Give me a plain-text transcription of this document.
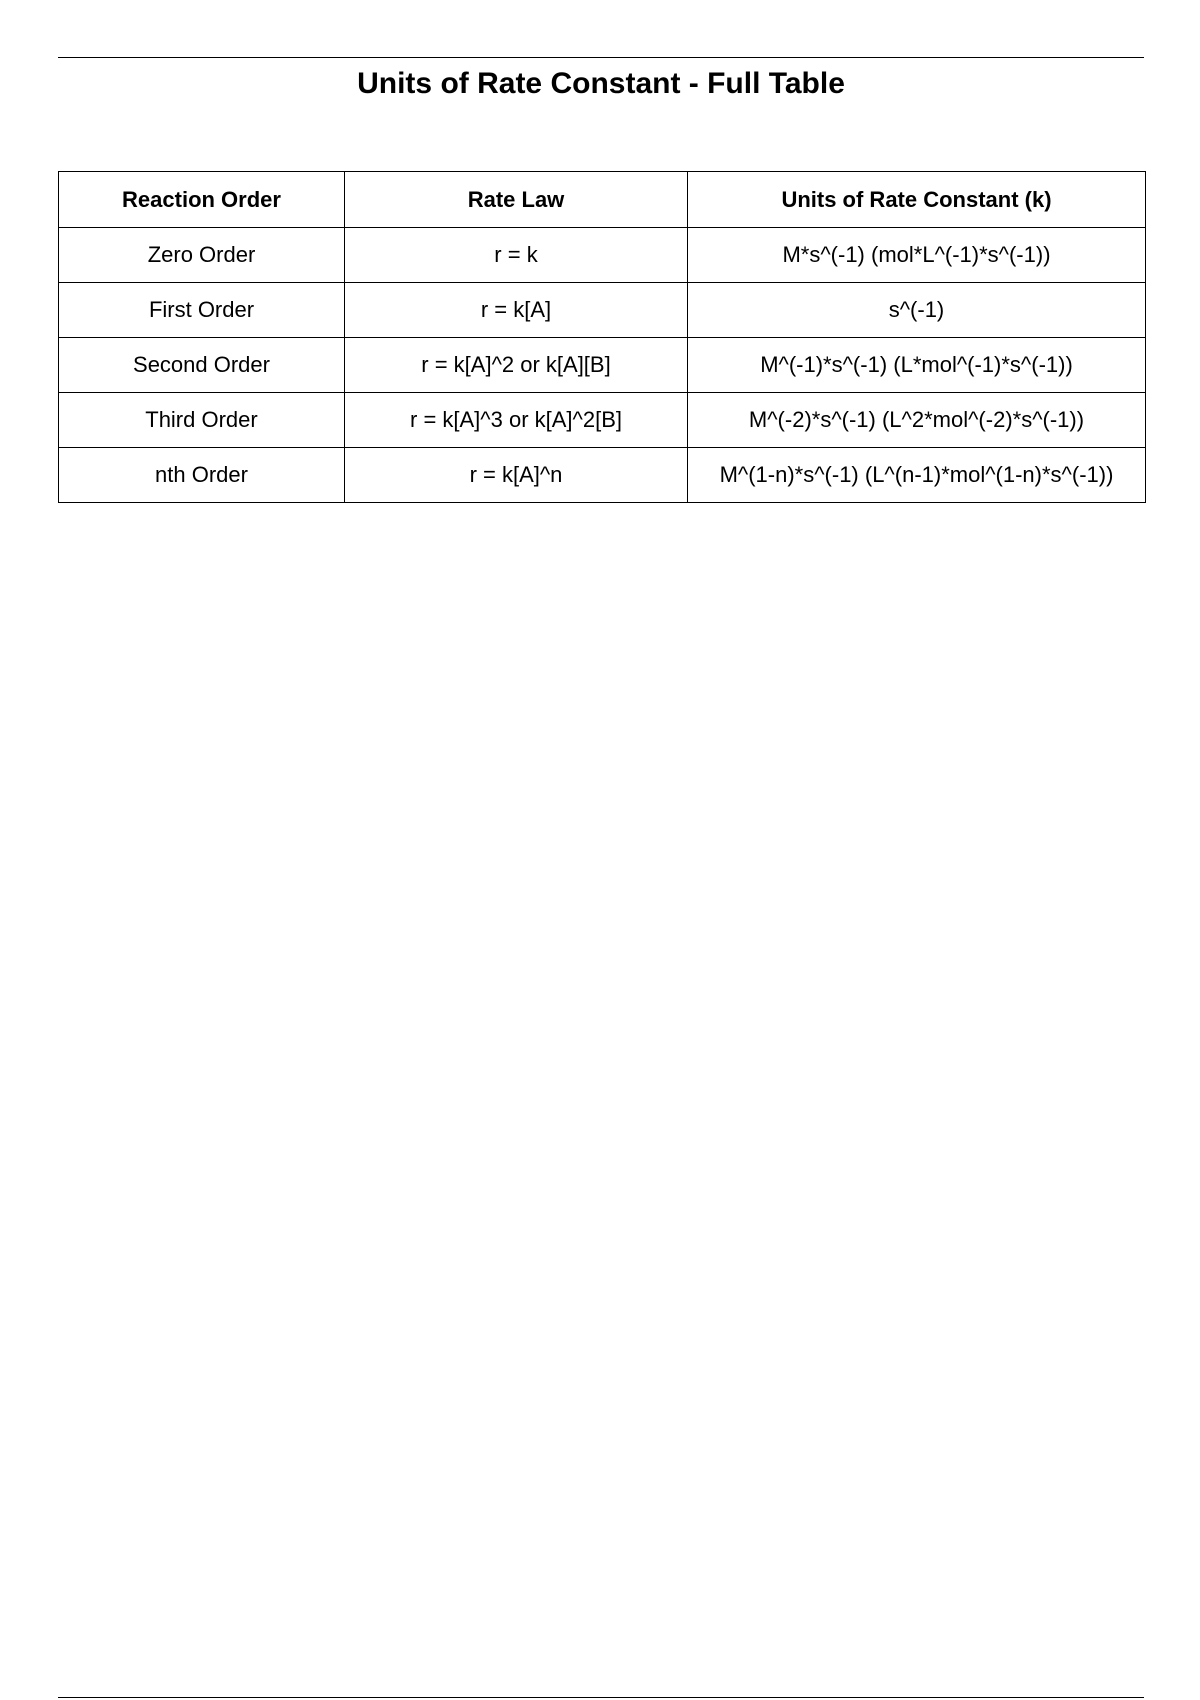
Units of Rate Constant - Full Table
Reaction Order	Rate Law	Units of Rate Constant (k)
Zero Order	r = k	M*s^(-1) (mol*L^(-1)*s^(-1))
First Order	r = k[A]	s^(-1)
Second Order	r = k[A]^2 or k[A][B]	M^(-1)*s^(-1) (L*mol^(-1)*s^(-1))
Third Order	r = k[A]^3 or k[A]^2[B]	M^(-2)*s^(-1) (L^2*mol^(-2)*s^(-1))
nth Order	r = k[A]^n	M^(1-n)*s^(-1) (L^(n-1)*mol^(1-n)*s^(-1))
